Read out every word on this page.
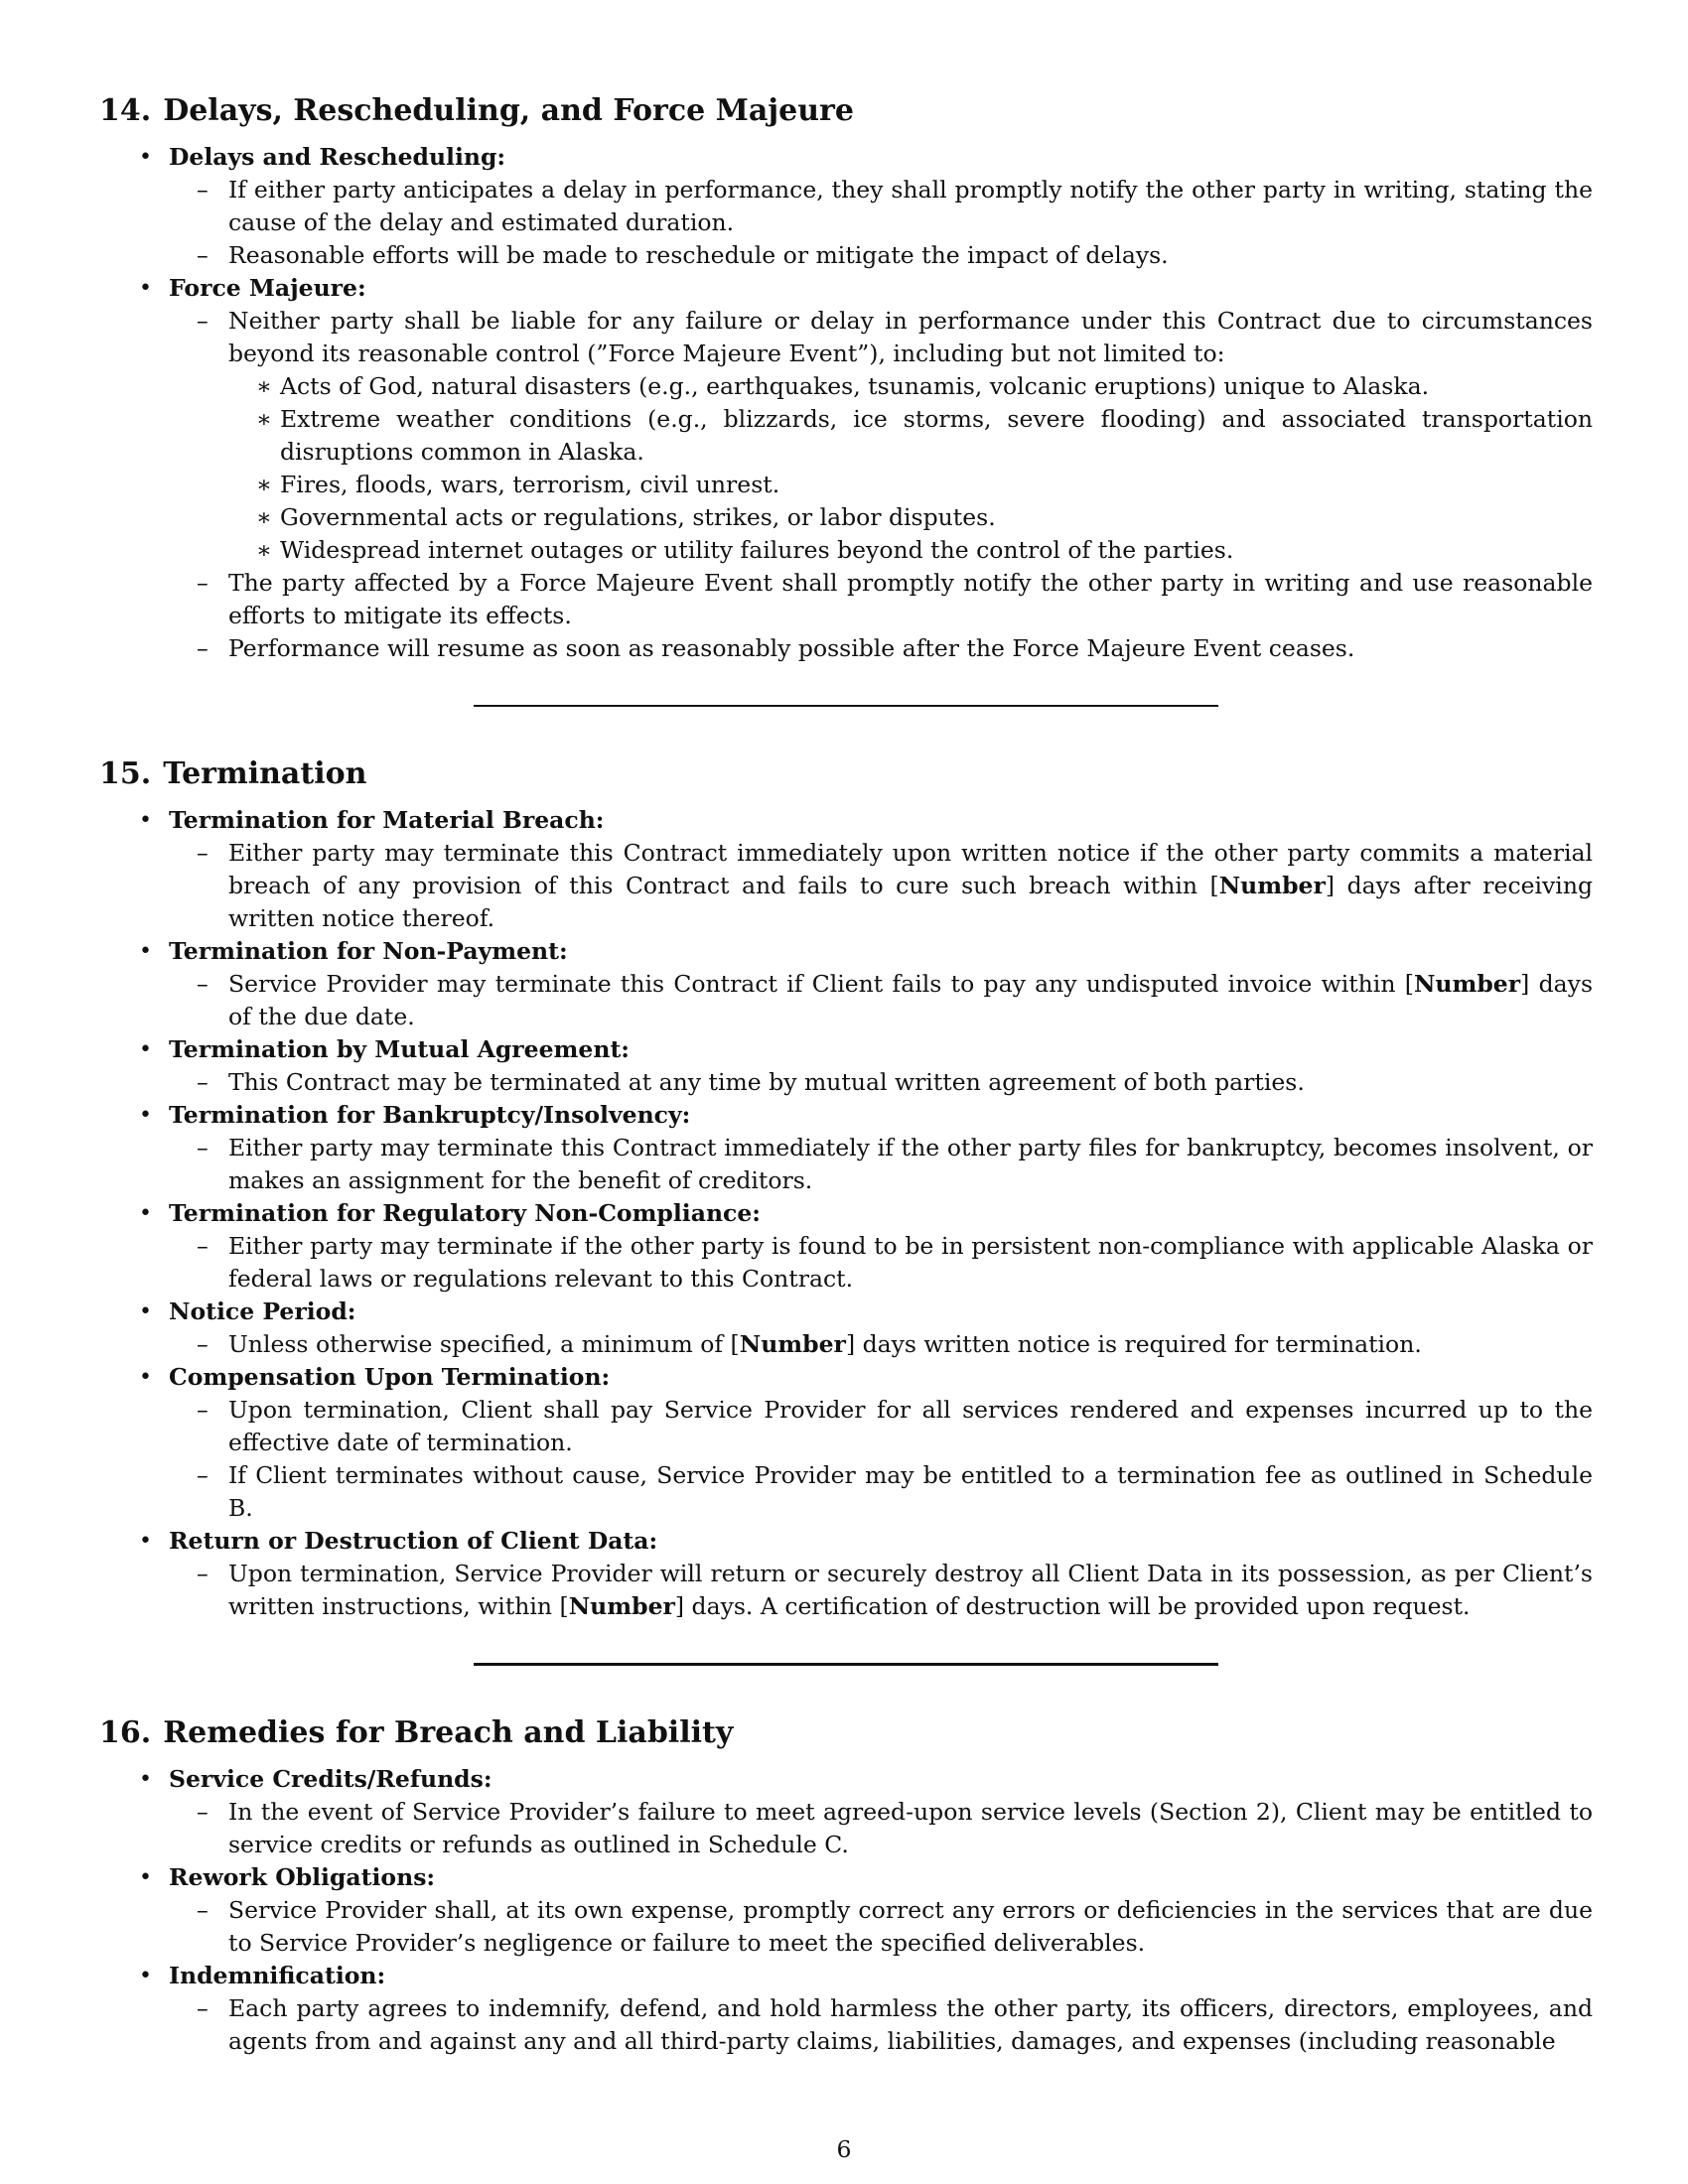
14. Delays, Rescheduling, and Force Majeure
• Delays and Rescheduling:
– If either party anticipates a delay in performance, they shall promptly notify the other party in writing, stating the cause of the delay and estimated duration.
– Reasonable efforts will be made to reschedule or mitigate the impact of delays.
• Force Majeure:
– Neither party shall be liable for any failure or delay in performance under this Contract due to circumstances beyond its reasonable control (”Force Majeure Event”), including but not limited to:
∗ Acts of God, natural disasters (e.g., earthquakes, tsunamis, volcanic eruptions) unique to Alaska.
∗ Extreme weather conditions (e.g., blizzards, ice storms, severe flooding) and associated transportation disruptions common in Alaska.
∗ Fires, floods, wars, terrorism, civil unrest.
∗ Governmental acts or regulations, strikes, or labor disputes.
∗ Widespread internet outages or utility failures beyond the control of the parties.
– The party affected by a Force Majeure Event shall promptly notify the other party in writing and use reasonable efforts to mitigate its effects.
– Performance will resume as soon as reasonably possible after the Force Majeure Event ceases.
15. Termination
• Termination for Material Breach:
– Either party may terminate this Contract immediately upon written notice if the other party commits a material breach of any provision of this Contract and fails to cure such breach within [Number] days after receiving written notice thereof.
• Termination for Non-Payment:
– Service Provider may terminate this Contract if Client fails to pay any undisputed invoice within [Number] days of the due date.
• Termination by Mutual Agreement:
– This Contract may be terminated at any time by mutual written agreement of both parties.
• Termination for Bankruptcy/Insolvency:
– Either party may terminate this Contract immediately if the other party files for bankruptcy, becomes insolvent, or makes an assignment for the benefit of creditors.
• Termination for Regulatory Non-Compliance:
– Either party may terminate if the other party is found to be in persistent non-compliance with applicable Alaska or federal laws or regulations relevant to this Contract.
• Notice Period:
– Unless otherwise specified, a minimum of [Number] days written notice is required for termination.
• Compensation Upon Termination:
– Upon termination, Client shall pay Service Provider for all services rendered and expenses incurred up to the effective date of termination.
– If Client terminates without cause, Service Provider may be entitled to a termination fee as outlined in Schedule B.
• Return or Destruction of Client Data:
– Upon termination, Service Provider will return or securely destroy all Client Data in its possession, as per Client’s written instructions, within [Number] days. A certification of destruction will be provided upon request.
16. Remedies for Breach and Liability
• Service Credits/Refunds:
– In the event of Service Provider’s failure to meet agreed-upon service levels (Section 2), Client may be entitled to service credits or refunds as outlined in Schedule C.
• Rework Obligations:
– Service Provider shall, at its own expense, promptly correct any errors or deficiencies in the services that are due to Service Provider’s negligence or failure to meet the specified deliverables.
• Indemnification:
– Each party agrees to indemnify, defend, and hold harmless the other party, its officers, directors, employees, and agents from and against any and all third-party claims, liabilities, damages, and expenses (including reasonable
6
